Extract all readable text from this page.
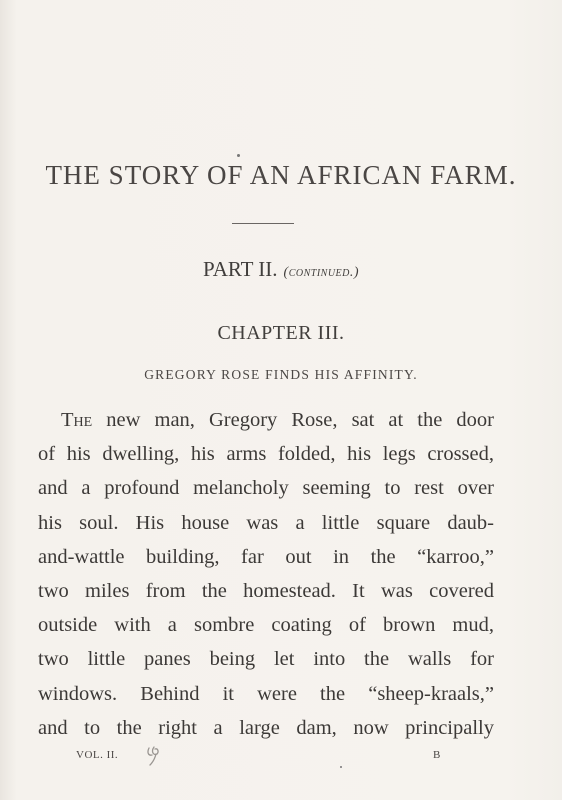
THE STORY OF AN AFRICAN FARM.
PART II. (continued.)
CHAPTER III.
GREGORY ROSE FINDS HIS AFFINITY.
The new man, Gregory Rose, sat at the door
of his dwelling, his arms folded, his legs crossed,
and a profound melancholy seeming to rest over
his soul. His house was a little square daub-
and-wattle building, far out in the “karroo,”
two miles from the homestead. It was covered
outside with a sombre coating of brown mud,
two little panes being let into the walls for
windows. Behind it were the “sheep-kraals,”
and to the right a large dam, now principally
VOL. II.	B
